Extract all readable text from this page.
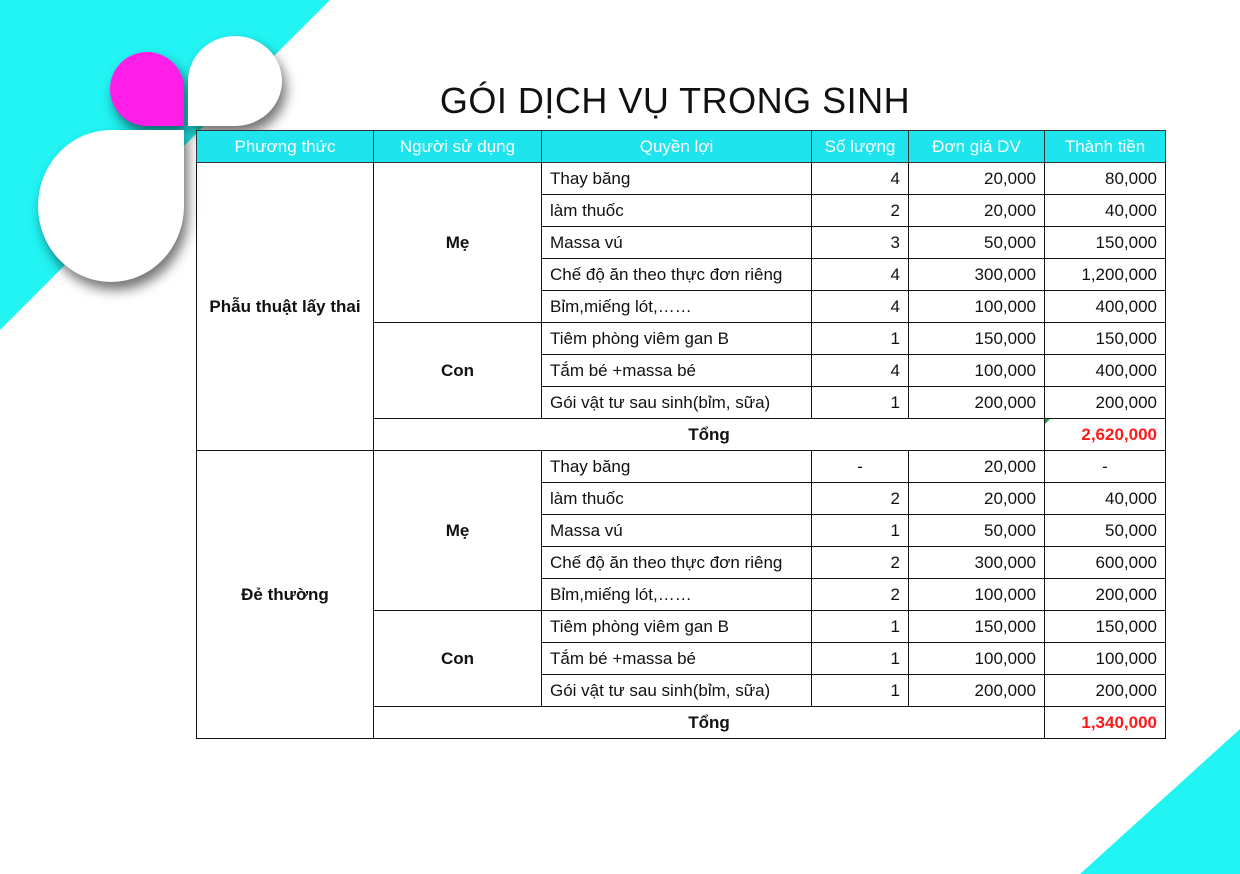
GÓI DỊCH VỤ TRONG SINH
Phương thức	Người sử dụng	Quyền lợi	Số lượng	Đơn giá DV	Thành tiền
Phẫu thuật lấy thai	Mẹ	Thay băng	4	20,000	80,000
		làm thuốc	2	20,000	40,000
		Massa vú	3	50,000	150,000
		Chế độ ăn theo thực đơn riêng	4	300,000	1,200,000
		Bỉm,miếng lót,……	4	100,000	400,000
	Con	Tiêm phòng viêm gan B	1	150,000	150,000
		Tắm bé +massa bé	4	100,000	400,000
		Gói vật tư sau sinh(bỉm, sữa)	1	200,000	200,000
	Tổng				2,620,000
Đẻ thường	Mẹ	Thay băng	-	20,000	-
		làm thuốc	2	20,000	40,000
		Massa vú	1	50,000	50,000
		Chế độ ăn theo thực đơn riêng	2	300,000	600,000
		Bỉm,miếng lót,……	2	100,000	200,000
	Con	Tiêm phòng viêm gan B	1	150,000	150,000
		Tắm bé +massa bé	1	100,000	100,000
		Gói vật tư sau sinh(bỉm, sữa)	1	200,000	200,000
	Tổng				1,340,000
